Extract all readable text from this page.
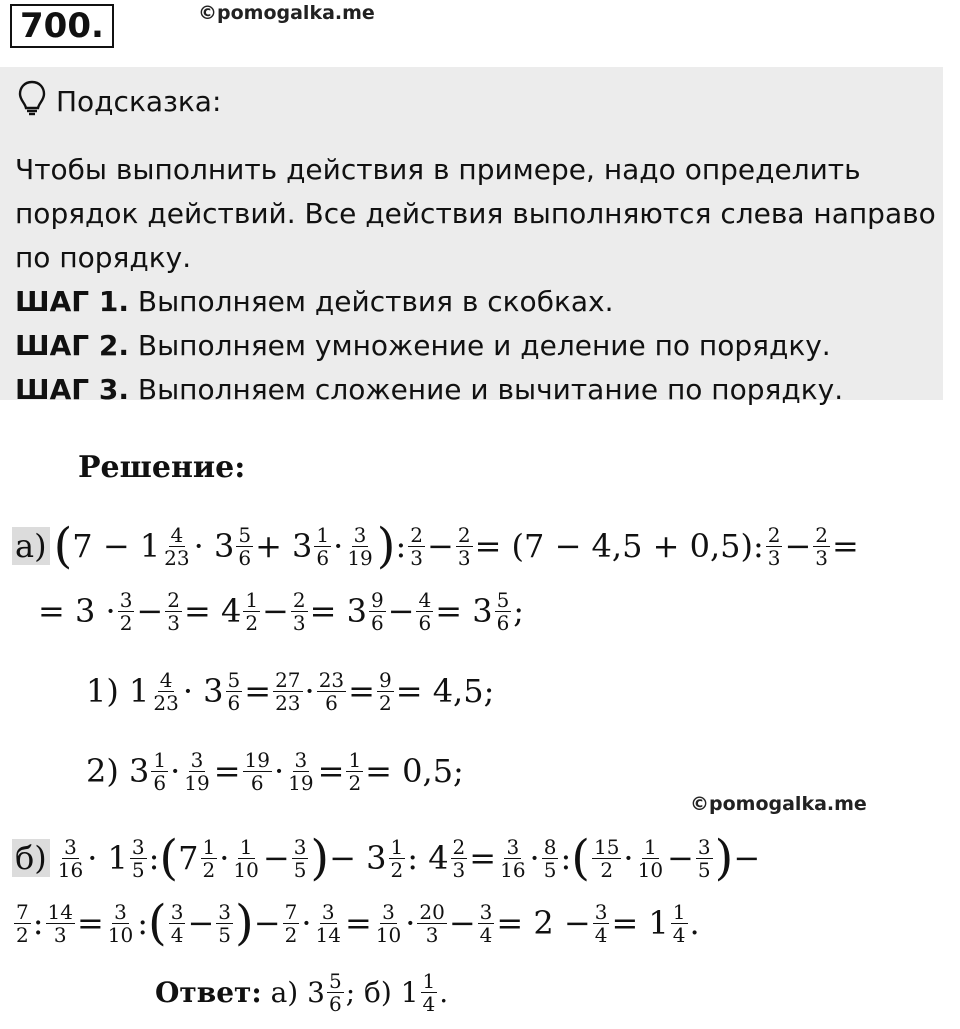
700.	©pomogalka.me
Подсказка:

Чтобы выполнить действия в примере, надо определить порядок действий. Все действия выполняются слева направо по порядку.

ШАГ 1. Выполняем действия в скобках.

ШАГ 2. Выполняем умножение и деление по порядку.

ШАГ 3. Выполняем сложение и вычитание по порядку.

Решение:
а) ( $7 - 1 \frac{4}{23} \cdot 3 \frac{5}{6} + 3 \frac{1}{6} \cdot \frac{3}{19}$ ) : $\frac{2}{3} - \frac{2}{3} = (7 - 4,5 + 0,5)$: $\frac{2}{3} - \frac{2}{3}$ =
= $3 \cdot \frac{3}{2} - \frac{2}{3} = 4 \frac{1}{2} - \frac{2}{3} = 3 \frac{9}{6} - \frac{4}{6} = 3 \frac{5}{6}$ ;
1) $1 \frac{4}{23} \cdot 3 \frac{5}{6} = \frac{27}{23} \cdot \frac{23}{6} = \frac{9}{2} = 4,5$;
2) $3 \frac{1}{6} \cdot \frac{3}{19} = \frac{19}{6} \cdot \frac{3}{19} = \frac{1}{2} = 0,5$;
©pomogalka.me
$б) \frac{3}{16} \cdot 1 \frac{3}{5}$ : ( $7 \frac{1}{2} \cdot \frac{1}{10} - \frac{3}{5}$ ) − $3 \frac{1}{2}$ : $4 \frac{2}{3} = \frac{3}{16} \cdot \frac{8}{5}$ : ( $\frac{15}{2} \cdot \frac{1}{10} - \frac{3}{5}$ ) −
$\frac{7}{2}$ : $\frac{14}{3} = \frac{3}{10}$ : ( $\frac{3}{4} - \frac{3}{5}$ ) − $\frac{7}{2} \cdot \frac{3}{14} = \frac{3}{10} \cdot \frac{20}{3} - \frac{3}{4} = 2 - \frac{3}{4} = 1 \frac{1}{4}$ .
Ответ:
а) $3 \frac{5}{6}$ ; б) $1 \frac{1}{4}$ .
